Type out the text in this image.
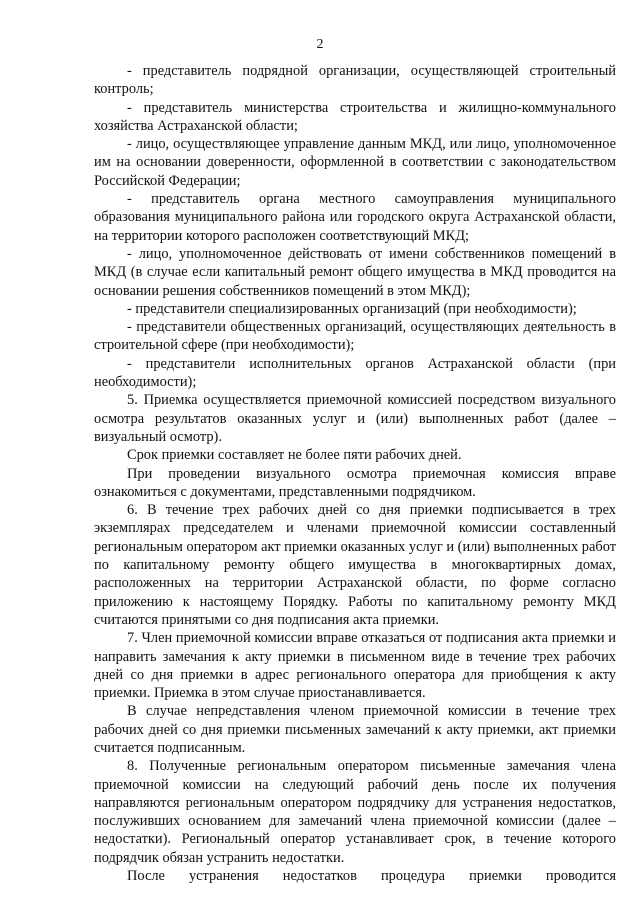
2

- представитель подрядной организации, осуществляющей строительный контроль;

- представитель министерства строительства и жилищно-коммунального хозяйства Астраханской области;

- лицо, осуществляющее управление данным МКД, или лицо, уполномоченное им на основании доверенности, оформленной в соответствии с законодательством Российской Федерации;

- представитель органа местного самоуправления муниципального образования муниципального района или городского округа Астраханской области, на территории которого расположен соответствующий МКД;

- лицо, уполномоченное действовать от имени собственников помещений в МКД (в случае если капитальный ремонт общего имущества в МКД проводится на основании решения собственников помещений в этом МКД);

- представители специализированных организаций (при необходимости);

- представители общественных организаций, осуществляющих деятельность в строительной сфере (при необходимости);

- представители исполнительных органов Астраханской области (при необходимости);

5. Приемка осуществляется приемочной комиссией посредством визуального осмотра результатов оказанных услуг и (или) выполненных работ (далее – визуальный осмотр).

Срок приемки составляет не более пяти рабочих дней.

При проведении визуального осмотра приемочная комиссия вправе ознакомиться с документами, представленными подрядчиком.

6. В течение трех рабочих дней со дня приемки подписывается в трех экземплярах председателем и членами приемочной комиссии составленный региональным оператором акт приемки оказанных услуг и (или) выполненных работ по капитальному ремонту общего имущества в многоквартирных домах, расположенных на территории Астраханской области, по форме согласно приложению к настоящему Порядку. Работы по капитальному ремонту МКД считаются принятыми со дня подписания акта приемки.

7. Член приемочной комиссии вправе отказаться от подписания акта приемки и направить замечания к акту приемки в письменном виде в течение трех рабочих дней со дня приемки в адрес регионального оператора для приобщения к акту приемки. Приемка в этом случае приостанавливается.

В случае непредставления членом приемочной комиссии в течение трех рабочих дней со дня приемки письменных замечаний к акту приемки, акт приемки считается подписанным.

8. Полученные региональным оператором письменные замечания члена приемочной комиссии на следующий рабочий день после их получения направляются региональным оператором подрядчику для устранения недостатков, послуживших основанием для замечаний члена приемочной комиссии (далее – недостатки). Региональный оператор устанавливает срок, в течение которого подрядчик обязан устранить недостатки.

После устранения недостатков процедура приемки проводится
